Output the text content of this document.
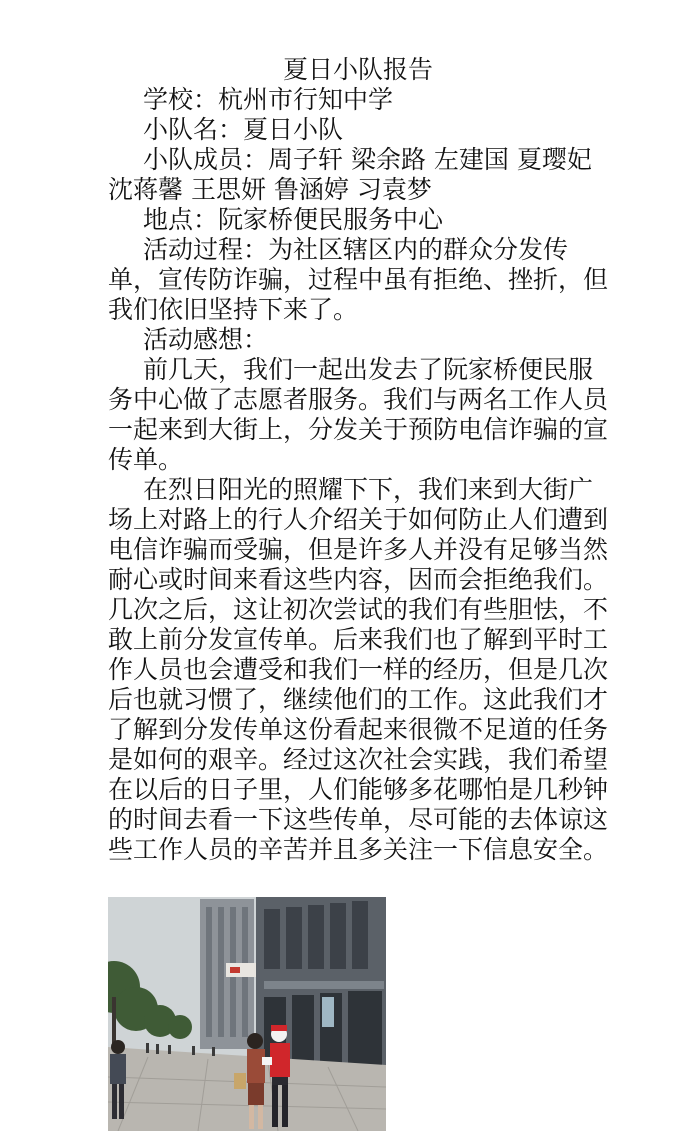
夏日小队报告

学校：杭州市行知中学

小队名：夏日小队

小队成员：周子轩 梁余路 左建国 夏璎妃 沈蒋馨 王思妍 鲁涵婷 习袁梦

地点：阮家桥便民服务中心

活动过程：为社区辖区内的群众分发传单，宣传防诈骗，过程中虽有拒绝、挫折，但我们依旧坚持下来了。

活动感想：

前几天，我们一起出发去了阮家桥便民服务中心做了志愿者服务。我们与两名工作人员一起来到大街上，分发关于预防电信诈骗的宣传单。

在烈日阳光的照耀下下，我们来到大街广场上对路上的行人介绍关于如何防止人们遭到电信诈骗而受骗，但是许多人并没有足够当然耐心或时间来看这些内容，因而会拒绝我们。几次之后，这让初次尝试的我们有些胆怯，不敢上前分发宣传单。后来我们也了解到平时工作人员也会遭受和我们一样的经历，但是几次后也就习惯了，继续他们的工作。这此我们才了解到分发传单这份看起来很微不足道的任务是如何的艰辛。经过这次社会实践，我们希望在以后的日子里，人们能够多花哪怕是几秒钟的时间去看一下这些传单，尽可能的去体谅这些工作人员的辛苦并且多关注一下信息安全。
